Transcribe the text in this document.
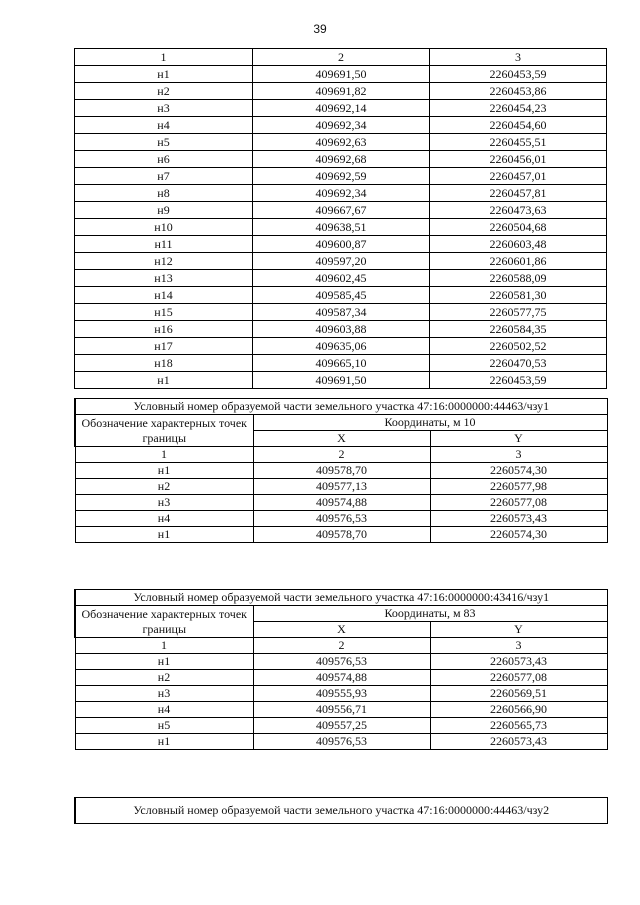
39
1	2	3
н1	409691,50	2260453,59
н2	409691,82	2260453,86
н3	409692,14	2260454,23
н4	409692,34	2260454,60
н5	409692,63	2260455,51
н6	409692,68	2260456,01
н7	409692,59	2260457,01
н8	409692,34	2260457,81
н9	409667,67	2260473,63
н10	409638,51	2260504,68
н11	409600,87	2260603,48
н12	409597,20	2260601,86
н13	409602,45	2260588,09
н14	409585,45	2260581,30
н15	409587,34	2260577,75
н16	409603,88	2260584,35
н17	409635,06	2260502,52
н18	409665,10	2260470,53
н1	409691,50	2260453,59
Условный номер образуемой части земельного участка 47:16:0000000:44463/чзу1		
Обозначение характерных точек границы	Координаты, м 10	
	X	Y
1	2	3
н1	409578,70	2260574,30
н2	409577,13	2260577,98
н3	409574,88	2260577,08
н4	409576,53	2260573,43
н1	409578,70	2260574,30
Условный номер образуемой части земельного участка 47:16:0000000:43416/чзу1		
Обозначение характерных точек границы	Координаты, м 83	
	X	Y
1	2	3
н1	409576,53	2260573,43
н2	409574,88	2260577,08
н3	409555,93	2260569,51
н4	409556,71	2260566,90
н5	409557,25	2260565,73
н1	409576,53	2260573,43
Условный номер образуемой части земельного участка 47:16:0000000:44463/чзу2
